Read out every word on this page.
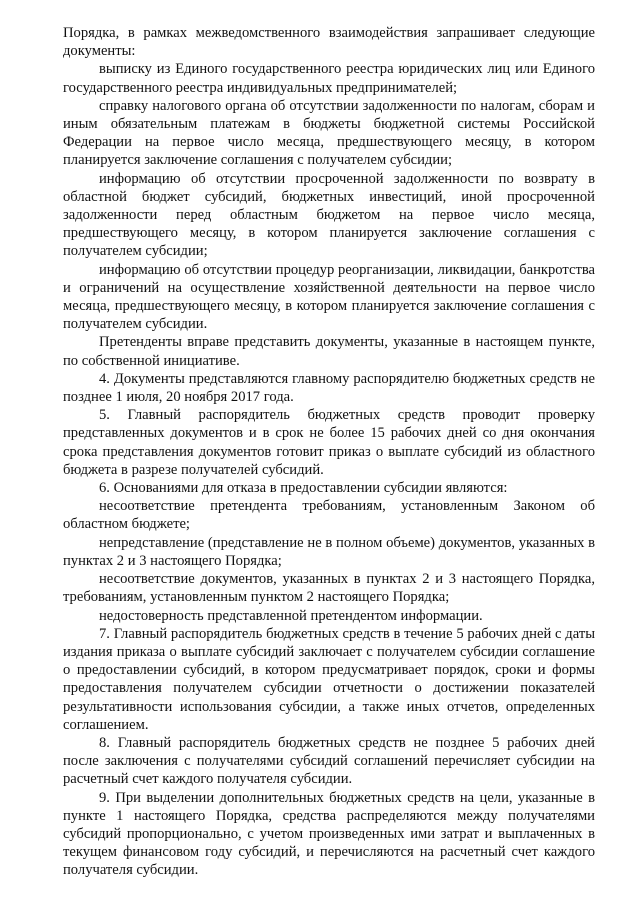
Порядка, в рамках межведомственного взаимодействия запрашивает следующие документы:

выписку из Единого государственного реестра юридических лиц или Единого государственного реестра индивидуальных предпринимателей;

справку налогового органа об отсутствии задолженности по налогам, сборам и иным обязательным платежам в бюджеты бюджетной системы Российской Федерации на первое число месяца, предшествующего месяцу, в котором планируется заключение соглашения с получателем субсидии;

информацию об отсутствии просроченной задолженности по возврату в областной бюджет субсидий, бюджетных инвестиций, иной просроченной задолженности перед областным бюджетом на первое число месяца, предшествующего месяцу, в котором планируется заключение соглашения с получателем субсидии;

информацию об отсутствии процедур реорганизации, ликвидации, банкротства и ограничений на осуществление хозяйственной деятельности на первое число месяца, предшествующего месяцу, в котором планируется заключение соглашения с получателем субсидии.

Претенденты вправе представить документы, указанные в настоящем пункте, по собственной инициативе.

4. Документы представляются главному распорядителю бюджетных средств не позднее 1 июля, 20 ноября 2017 года.

5. Главный распорядитель бюджетных средств проводит проверку представленных документов и в срок не более 15 рабочих дней со дня окончания срока представления документов готовит приказ о выплате субсидий из областного бюджета в разрезе получателей субсидий.

6. Основаниями для отказа в предоставлении субсидии являются:

несоответствие претендента требованиям, установленным Законом об областном бюджете;

непредставление (представление не в полном объеме) документов, указанных в пунктах 2 и 3 настоящего Порядка;

несоответствие документов, указанных в пунктах 2 и 3 настоящего Порядка, требованиям, установленным пунктом 2 настоящего Порядка;

недостоверность представленной претендентом информации.

7. Главный распорядитель бюджетных средств в течение 5 рабочих дней с даты издания приказа о выплате субсидий заключает с получателем субсидии соглашение о предоставлении субсидий, в котором предусматривает порядок, сроки и формы предоставления получателем субсидии отчетности о достижении показателей результативности использования субсидии, а также иных отчетов, определенных соглашением.

8. Главный распорядитель бюджетных средств не позднее 5 рабочих дней после заключения с получателями субсидий соглашений перечисляет субсидии на расчетный счет каждого получателя субсидии.

9. При выделении дополнительных бюджетных средств на цели, указанные в пункте 1 настоящего Порядка, средства распределяются между получателями субсидий пропорционально, с учетом произведенных ими затрат и выплаченных в текущем финансовом году субсидий, и перечисляются на расчетный счет каждого получателя субсидии.
